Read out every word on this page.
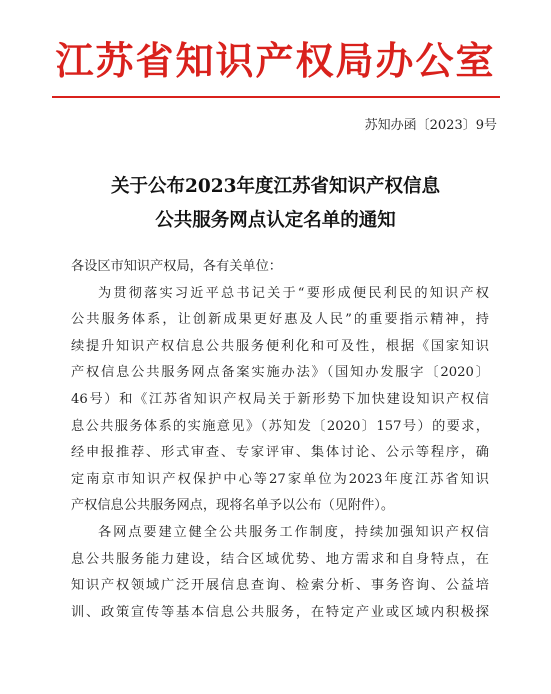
江苏省知识产权局办公室
苏知办函〔2023〕9号
关于公布2023年度江苏省知识产权信息
公共服务网点认定名单的通知
各设区市知识产权局，各有关单位：
为贯彻落实习近平总书记关于“要形成便民利民的知识产权
公共服务体系，让创新成果更好惠及人民”的重要指示精神，持
续提升知识产权信息公共服务便利化和可及性，根据《国家知识
产权信息公共服务网点备案实施办法》（国知办发服字〔2020〕
46号）和《江苏省知识产权局关于新形势下加快建设知识产权信
息公共服务体系的实施意见》（苏知发〔2020〕157号）的要求，
经申报推荐、形式审查、专家评审、集体讨论、公示等程序，确
定南京市知识产权保护中心等27家单位为2023年度江苏省知识
产权信息公共服务网点，现将名单予以公布（见附件）。
各网点要建立健全公共服务工作制度，持续加强知识产权信
息公共服务能力建设，结合区域优势、地方需求和自身特点，在
知识产权领域广泛开展信息查询、检索分析、事务咨询、公益培
训、政策宣传等基本信息公共服务，在特定产业或区域内积极探
